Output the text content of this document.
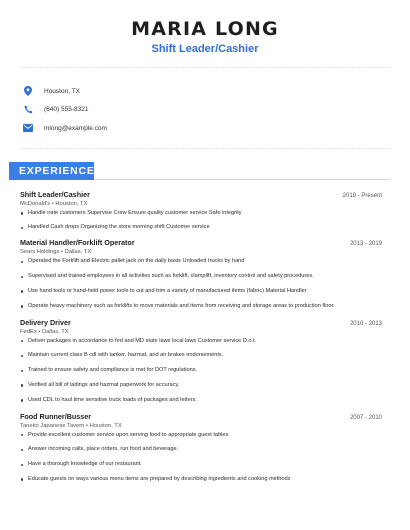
MARIA LONG
Shift Leader/Cashier
Houston, TX
(640) 555-8321
mlong@example.com
EXPERIENCE
Shift Leader/Cashier	2019 - Present
McDonald's • Houston, TX
Handle irate customers Supervise Crew Ensure quality customer service Safe integrity
Handled Cash drops Organizing the store morning shift Customer service
Material Handler/Forklift Operator	2013 - 2019
Sears Holdings • Dallas, TX
Operated the Forklift and Electric pallet jack on the daily basis Unloaded trucks by hand
Supervised and trained employees in all activities such as forklift, clampllft, inventory control and safety procedures.
Use hand tools or hand-held power tools to cut and trim a variety of manufactured items (fabric) Material Handler
Operate heavy machinery such as forklifts to move materials and items from receiving and storage areas to production floor.
Delivery Driver	2010 - 2013
FedEx • Dallas, TX
Deliver packages in accordance to fed and MD state laws local laws Customer service D.o.t.
Maintain current class B cdl with tanker, hazmat, and air brakes endorsements.
Trained to ensure safety and compliance is met for DOT regulations.
Verified all bill of ladings and hazmat paperwork for accuracy.
Used CDL to haul time sensitive truck loads of packages and letters.
Food Runner/Busser	2007 - 2010
Taneko Japanese Tavern • Houston, TX
Provide excellent customer service upon serving food to appropriate guest tables.
Answer incoming calls, place orders, run food and beverage.
Have a thorough knowledge of our restaurant.
Educate guests on ways various menu items are prepared by describing ingredients and cooking methods
